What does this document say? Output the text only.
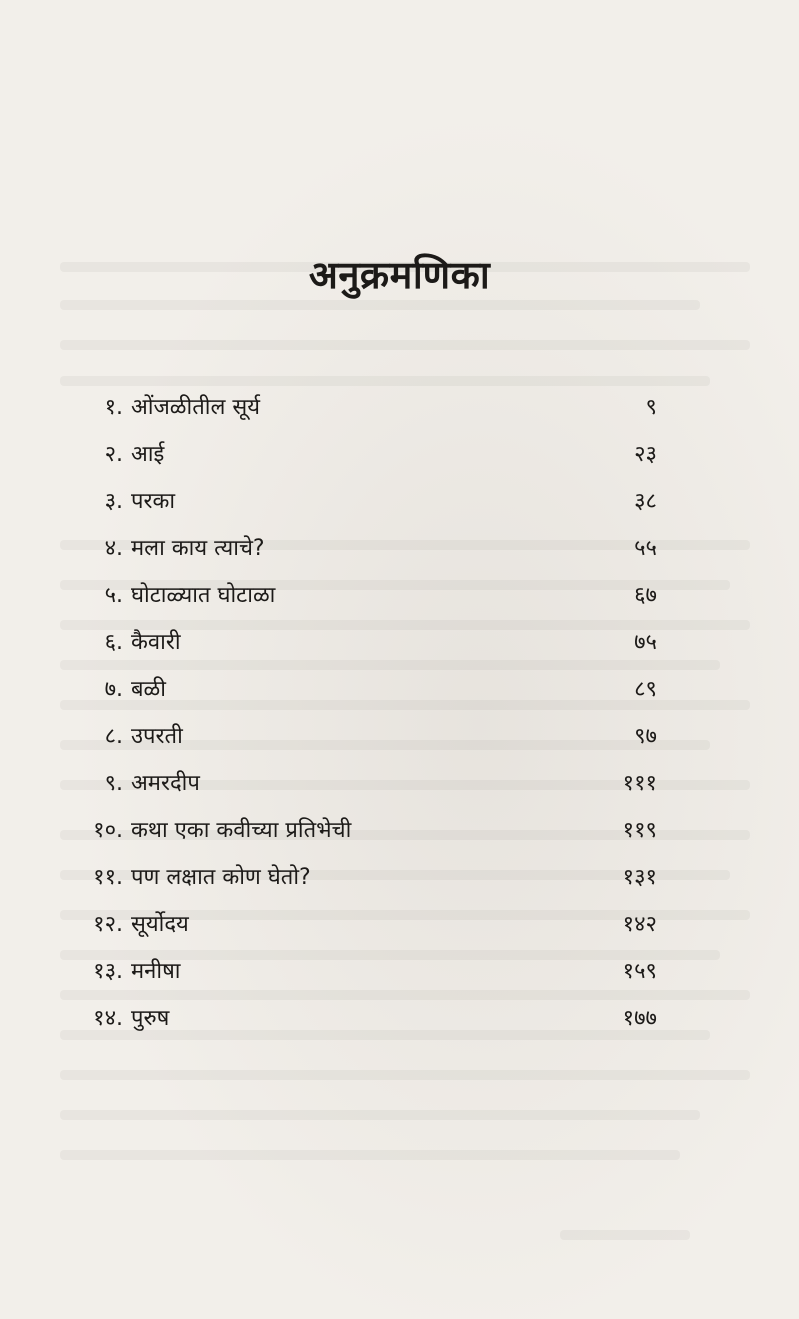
अनुक्रमणिका
१. ओंजळीतील सूर्य	९
२. आई	२३
३. परका	३८
४. मला काय त्याचे?	५५
५. घोटाळ्यात घोटाळा	६७
६. कैवारी	७५
७. बळी	८९
८. उपरती	९७
९. अमरदीप	१११
१०. कथा एका कवीच्या प्रतिभेची	११९
११. पण लक्षात कोण घेतो?	१३१
१२. सूर्योदय	१४२
१३. मनीषा	१५९
१४. पुरुष	१७७
